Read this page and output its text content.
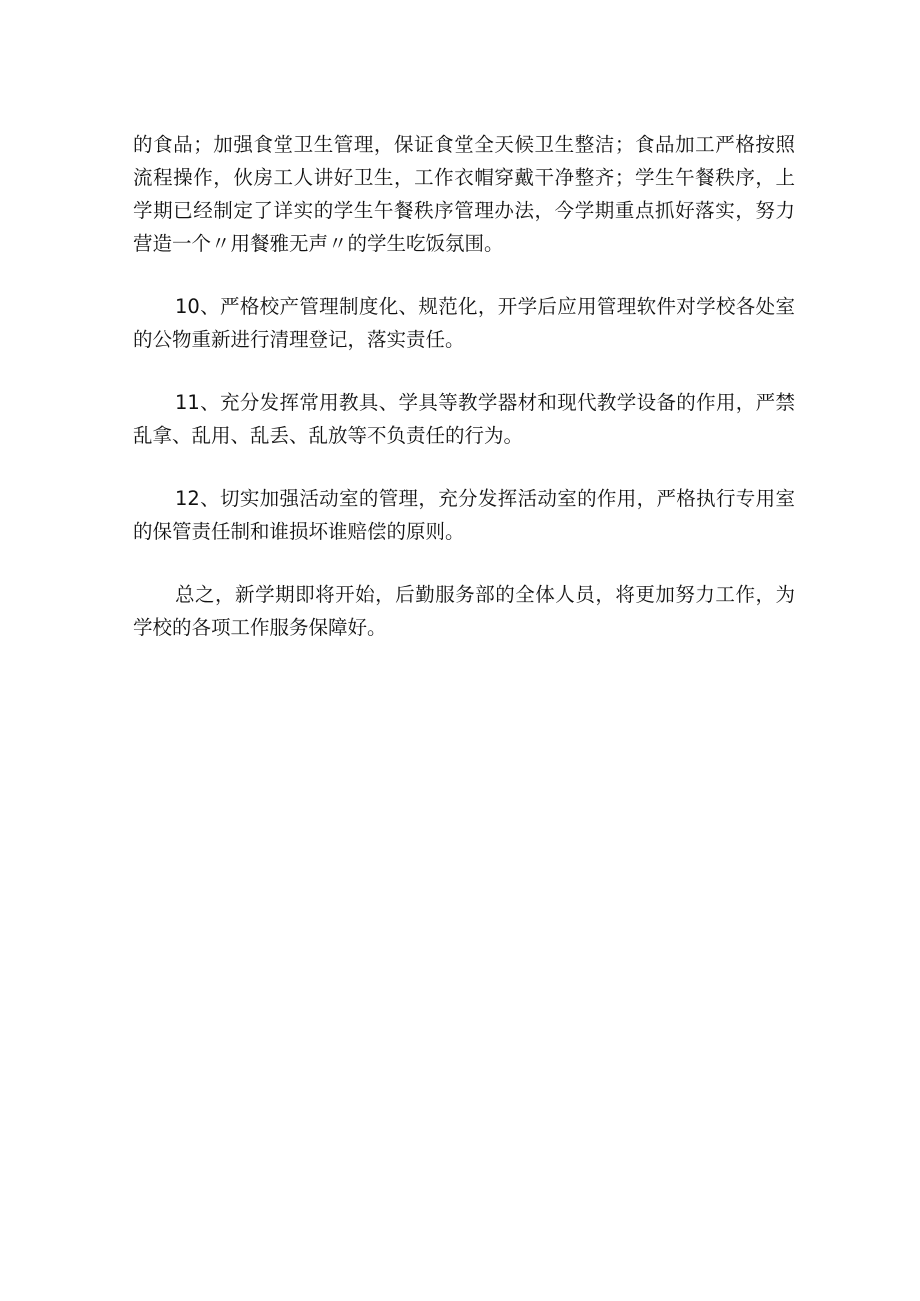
的食品；加强食堂卫生管理，保证食堂全天候卫生整洁；食品加工严格按照流程操作，伙房工人讲好卫生，工作衣帽穿戴干净整齐；学生午餐秩序，上学期已经制定了详实的学生午餐秩序管理办法，今学期重点抓好落实，努力营造一个〃用餐雅无声〃的学生吃饭氛围。

10、严格校产管理制度化、规范化，开学后应用管理软件对学校各处室的公物重新进行清理登记，落实责任。

11、充分发挥常用教具、学具等教学器材和现代教学设备的作用，严禁乱拿、乱用、乱丢、乱放等不负责任的行为。

12、切实加强活动室的管理，充分发挥活动室的作用，严格执行专用室的保管责任制和谁损坏谁赔偿的原则。

总之，新学期即将开始，后勤服务部的全体人员，将更加努力工作，为学校的各项工作服务保障好。
